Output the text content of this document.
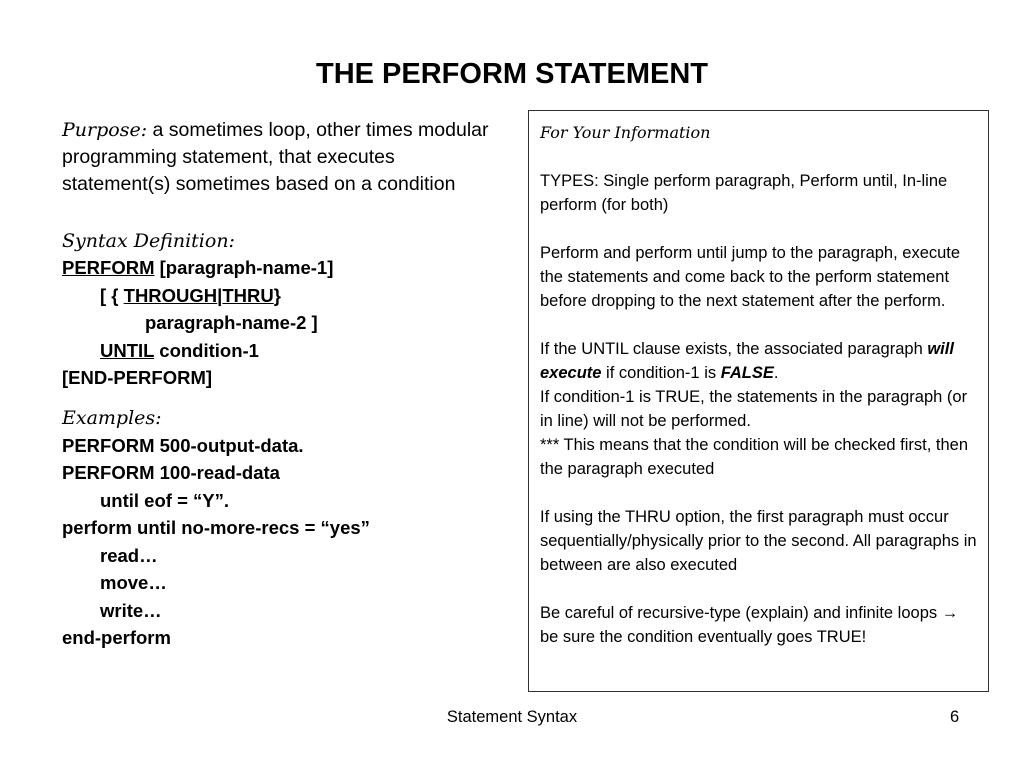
THE PERFORM STATEMENT
Purpose: a sometimes loop, other times modular programming statement, that executes statement(s) sometimes based on a condition
Syntax Definition:
PERFORM [paragraph-name-1]
[ { THROUGH|THRU}
paragraph-name-2 ]
UNTIL condition-1
[END-PERFORM]
Examples:
PERFORM 500-output-data.
PERFORM 100-read-data
until eof = “Y”.
perform until no-more-recs = “yes”
read…
move…
write…
end-perform

For Your Information

TYPES: Single perform paragraph, Perform until, In-line perform (for both)

Perform and perform until jump to the paragraph, execute the statements and come back to the perform statement before dropping to the next statement after the perform.

If the UNTIL clause exists, the associated paragraph will execute if condition-1 is FALSE.

If condition-1 is TRUE, the statements in the paragraph (or in line) will not be performed.

*** This means that the condition will be checked first, then the paragraph executed

If using the THRU option, the first paragraph must occur sequentially/physically prior to the second. All paragraphs in between are also executed

Be careful of recursive-type (explain) and infinite loops → be sure the condition eventually goes TRUE!

Statement Syntax	6
